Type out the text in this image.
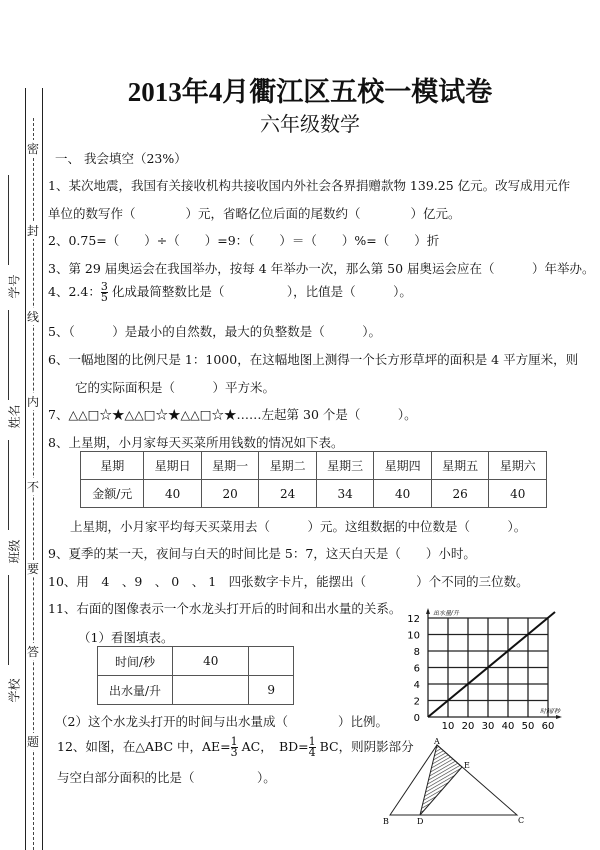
密
封
线
内
不
要
答
题
学号
姓名
班级
学校
2013年4月衢江区五校一模试卷
六年级数学
一、 我会填空（23%）
1、某次地震，我国有关接收机构共接收国内外社会各界捐赠款物 139.25 亿元。改写成用元作
单位的数写作（　　　　）元，省略亿位后面的尾数约（　　　　）亿元。
2、0.75=（　　）÷（　　）=9：（　　）＝（　　）%=（　　）折
3、第 29 届奥运会在我国举办，按每 4 年举办一次，那么第 50 届奥运会应在（　　　）年举办。
4、2.4： $\frac{3}{5}$ 化成最简整数比是（　　　　　），比值是（　　　）。
5、（　　　）是最小的自然数，最大的负整数是（　　　）。
6、一幅地图的比例尺是 1：1000，在这幅地图上测得一个长方形草坪的面积是 4 平方厘米，则
它的实际面积是（　　　）平方米。
7、△△□☆★△△□☆★△△□☆★……左起第 30 个是（　　　）。
8、上星期，小月家每天买菜所用钱数的情况如下表。
星期	星期日	星期一	星期二	星期三	星期四	星期五	星期六
金额/元	40	20	24	34	40	26	40
上星期，小月家平均每天买菜用去（　　　）元。这组数据的中位数是（　　　）。
9、夏季的某一天，夜间与白天的时间比是 5：7，这天白天是（　　）小时。
10、用　4　、9　、 0　、 1　四张数字卡片，能摆出（　　　　）个不同的三位数。
11、右面的图像表示一个水龙头打开后的时间和出水量的关系。
（1）看图填表。
时间/秒	40	
出水量/升		9
（2）这个水龙头打开的时间与出水量成（　　　　）比例。
12、如图，在△ABC 中，$AE= \frac{1}{3}$ AC，　$BD= \frac{1}{4}$ BC，则阴影部分
与空白部分面积的比是（　　　　　）。
10 20 30 40 50 60
0
2
4
6
8
10
12
时间/秒
出水量/升
A
B	C
D
E
